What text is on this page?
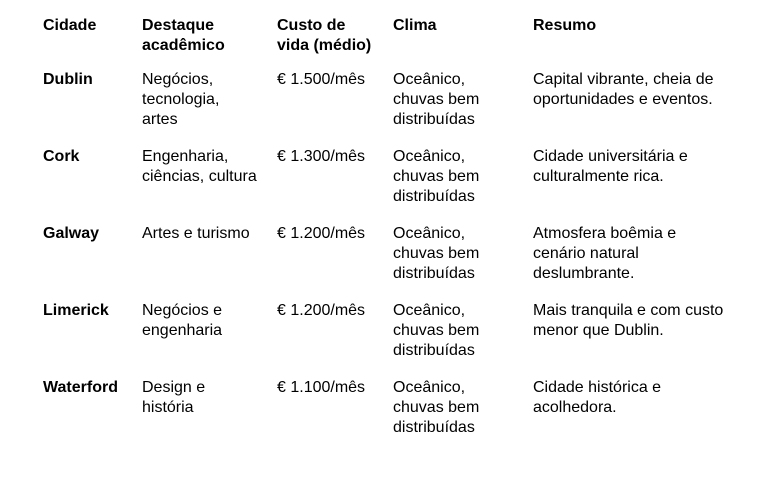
Cidade	Destaque acadêmico	Custo de vida (médio)	Clima	Resumo
Dublin	Negócios, tecnologia, artes	€ 1.500/mês	Oceânico, chuvas bem distribuídas	Capital vibrante, cheia de oportunidades e eventos.
Cork	Engenharia, ciências, cultura	€ 1.300/mês	Oceânico, chuvas bem distribuídas	Cidade universitária e culturalmente rica.
Galway	Artes e turismo	€ 1.200/mês	Oceânico, chuvas bem distribuídas	Atmosfera boêmia e cenário natural deslumbrante.
Limerick	Negócios e engenharia	€ 1.200/mês	Oceânico, chuvas bem distribuídas	Mais tranquila e com custo menor que Dublin.
Waterford	Design e história	€ 1.100/mês	Oceânico, chuvas bem distribuídas	Cidade histórica e acolhedora.
